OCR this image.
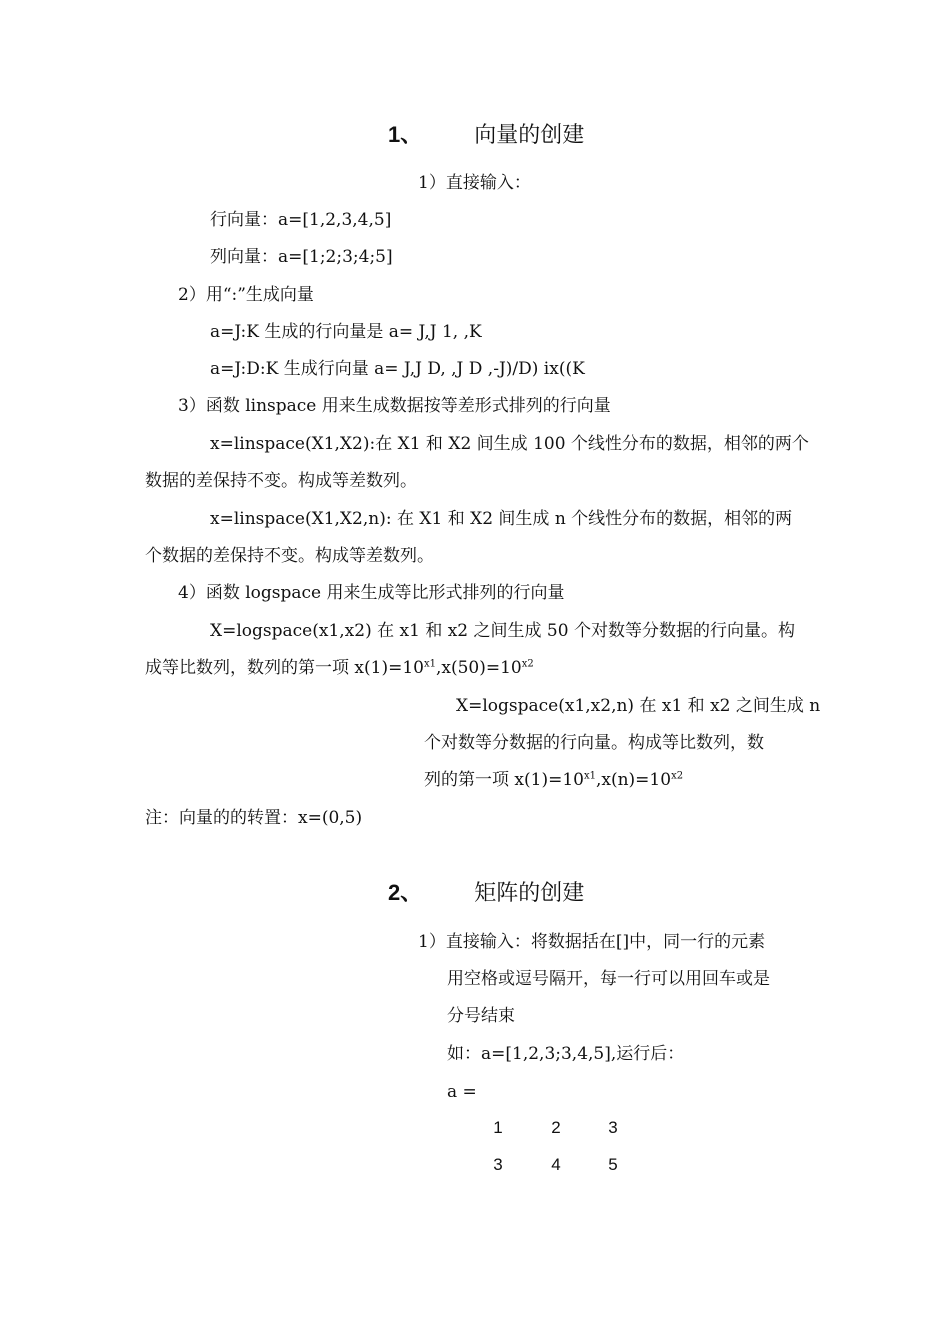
1、 向量的创建
1）直接输入：
行向量：a=[1,2,3,4,5]
列向量：a=[1;2;3;4;5]
2）用“:”生成向量
a=J:K 生成的行向量是 a= J,J 1, ,K
a=J:D:K 生成行向量 a= J,J D, ,J D ,-J)/D) ix((K
3）函数 linspace 用来生成数据按等差形式排列的行向量
x=linspace(X1,X2):在 X1 和 X2 间生成 100 个线性分布的数据，相邻的两个
数据的差保持不变。构成等差数列。
x=linspace(X1,X2,n): 在 X1 和 X2 间生成 n 个线性分布的数据，相邻的两
个数据的差保持不变。构成等差数列。
4）函数 logspace 用来生成等比形式排列的行向量
X=logspace(x1,x2) 在 x1 和 x2 之间生成 50 个对数等分数据的行向量。构
成等比数列，数列的第一项 $x(1)=10^{x1},x(50)=10^{x2}$
X=logspace(x1,x2,n) 在 x1 和 x2 之间生成 n
个对数等分数据的行向量。构成等比数列，数
列的第一项 $x(1)=10^{x1},x(n)=10^{x2}$
注：向量的的转置：x=(0,5)
2、 矩阵的创建
1）直接输入：将数据括在[]中，同一行的元素
用空格或逗号隔开，每一行可以用回车或是
分号结束
如：a=[1,2,3;3,4,5],运行后：
a =
1	2	3
3	4	5
